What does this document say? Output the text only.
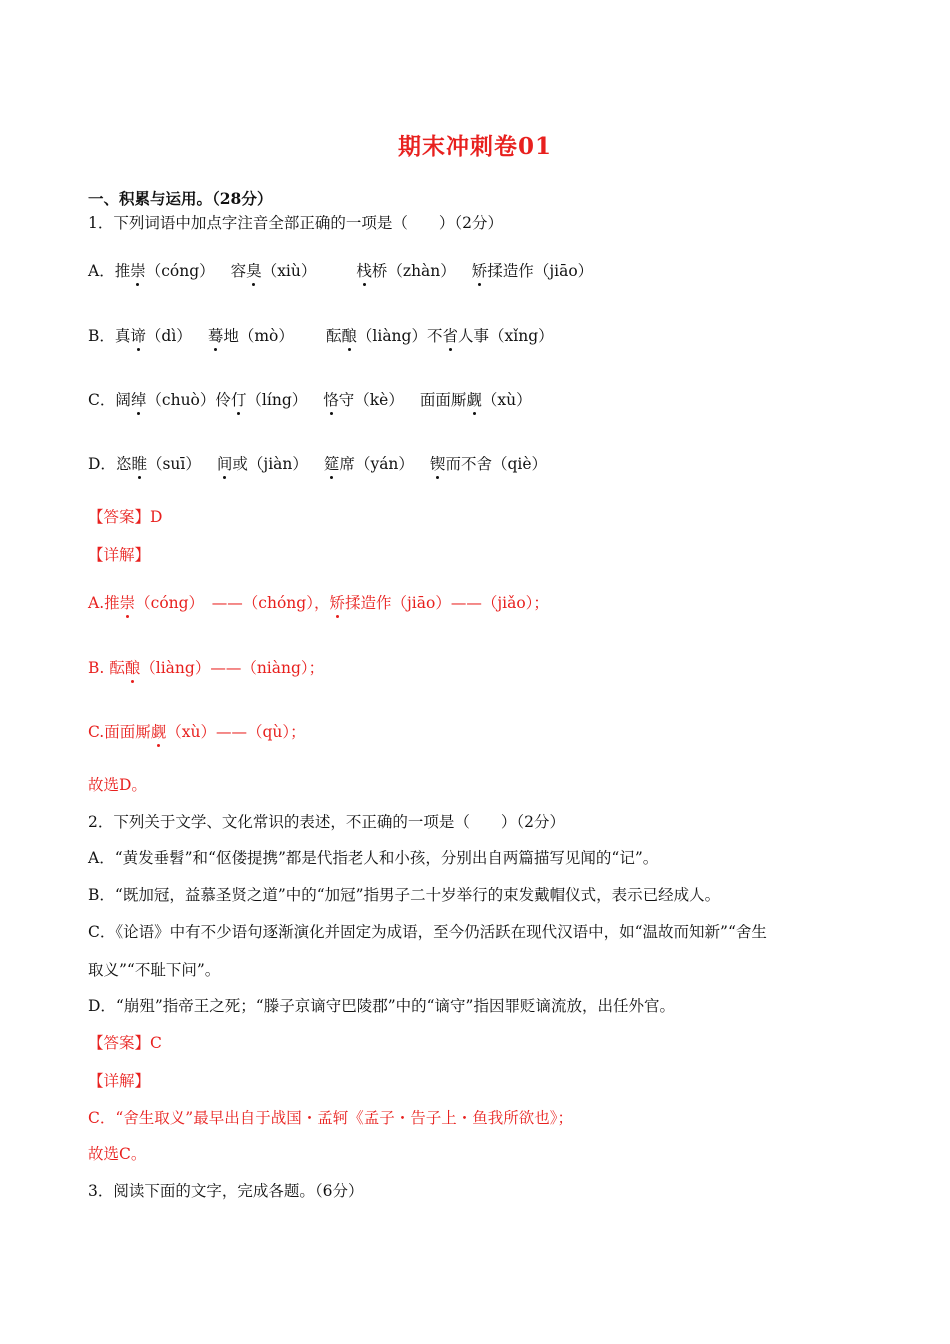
期末冲刺卷01
一、积累与运用。（28分）
1．下列词语中加点字注音全部正确的一项是（　　）（2分）
A．推崇（cóng） 容臭（xiù）	栈桥（zhàn） 矫揉造作（jiāo）
B．真谛（dì） 蓦地（mò） 酝酿（liàng）不省人事（xǐng）
C．阔绰（chuò）伶仃（líng） 恪守（kè） 面面厮觑（xù）
D．恣睢（suī） 间或（jiàn） 筵席（yán） 锲而不舍（qiè）
【答案】D
【详解】
A.推崇（cóng）　——（chóng），矫揉造作（jiāo）——（jiǎo）；
B. 酝酿（liàng）——（niàng）；
C.面面厮觑（xù）——（qù）；
故选D。
2．下列关于文学、文化常识的表述，不正确的一项是（　　）（2分）
A．“黄发垂髫”和“伛偻提携”都是代指老人和小孩，分别出自两篇描写见闻的“记”。
B．“既加冠，益慕圣贤之道”中的“加冠”指男子二十岁举行的束发戴帽仪式，表示已经成人。
C．《论语》中有不少语句逐渐演化并固定为成语，至今仍活跃在现代汉语中，如“温故而知新”“舍生
取义”“不耻下问”。
D．“崩殂”指帝王之死；“滕子京谪守巴陵郡”中的“谪守”指因罪贬谪流放，出任外官。
【答案】C
【详解】
C．“舍生取义”最早出自于战国・孟轲《孟子・告子上・鱼我所欲也》；
故选C。
3．阅读下面的文字，完成各题。（6分）
